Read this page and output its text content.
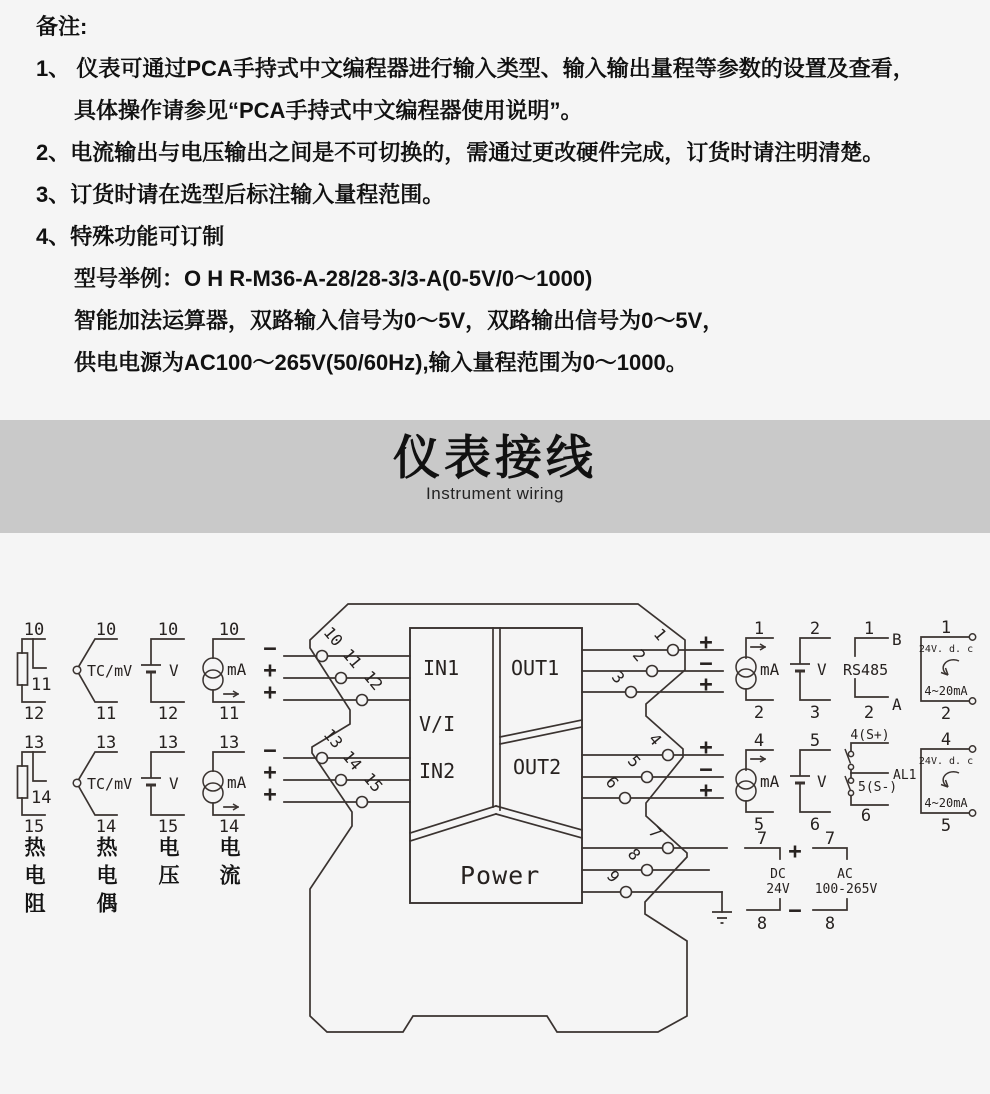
备注:
1、 仪表可通过PCA手持式中文编程器进行输入类型、输入输出量程等参数的设置及查看，
具体操作请参见“PCA手持式中文编程器使用说明”。
2、电流输出与电压输出之间是不可切换的，需通过更改硬件完成，订货时请注明清楚。
3、订货时请在选型后标注输入量程范围。
4、特殊功能可订制
型号举例：O H R-M36-A-28/28-3/3-A(0-5V/0～1000)
智能加法运算器，双路输入信号为0～5V，双路输出信号为0～5V，
供电电源为AC100～265V(50/60Hz),输入量程范围为0～1000。
仪表接线
Instrument wiring
IN1
V/I
IN2
OUT1
OUT2
Power
10
11
12
13
14
15
1
2
3
4
5
6
7
8
9
−
+
+
−
+
+
+
−
+
+
−
+
10
11
12
13
14
15
TC/mV
TC/mV
10
11
13
14
V
V
10
12
13
15
mA
mA
10
11
13
14
mA
1
2
V
2
3
RS485
B
A
1
2
24V. d. c
4~20mA
1
2
mA
4
5
V
5
6
4(S+)
AL1
5(S-)
6
24V. d. c
4~20mA
4
5
7
DC
24V
8
7
AC
100-265V
8
+
−
热电阻 热电偶 电压 电流
